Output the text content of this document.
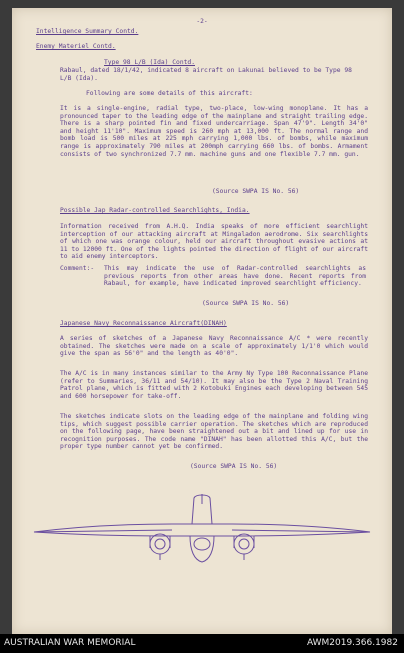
-2-
Intelligence Summary Contd.
Enemy Materiel Contd.
Type 98 L/B (Ida) Contd.
Rabaul, dated 18/1/42, indicated 8 aircraft on Lakunai believed to be Type 98 L/B (Ida).
Following are some details of this aircraft:
It is a single-engine, radial type, two-place, low-wing monoplane. It has a pronounced taper to the leading edge of the mainplane and straight trailing edge. There is a sharp pointed fin and fixed undercarriage. Span 47'9". Length 34'0" and height 11'10". Maximum speed is 260 mph at 13,000 ft. The normal range and bomb load is 500 miles at 225 mph carrying 1,000 lbs. of bombs, while maximum range is approximately 790 miles at 200mph carrying 660 lbs. of bombs. Armament consists of two synchronized 7.7 mm. machine guns and one flexible 7.7 mm. gun.
(Source SWPA IS No. 56)
Possible Jap Radar-controlled Searchlights, India.
Information received from A.H.Q. India speaks of more efficient searchlight interception of our attacking aircraft at Mingaladon aerodrome. Six searchlights of which one was orange colour, held our aircraft throughout evasive actions at 11 to 12000 ft. One of the lights pointed the direction of flight of our aircraft to aid enemy interceptors.
Comment:- This may indicate the use of Radar-controlled searchlights as previous reports from other areas have done. Recent reports from Rabaul, for example, have indicated improved searchlight efficiency.
(Source SWPA IS No. 56)
Japanese Navy Reconnaissance Aircraft(DINAH)
A series of sketches of a Japanese Navy Reconnaissance A/C * were recently obtained. The sketches were made on a scale of approximately 1/1'0 which would give the span as 56'0" and the length as 40'0".
The A/C is in many instances similar to the Army Ny Type 100 Reconnaissance Plane (refer to Summaries, 36/11 and 54/10). It may also be the Type 2 Naval Training Patrol plane, which is fitted with 2 Kotobuki Engines each developing between 545 and 600 horsepower for take-off.
The sketches indicate slots on the leading edge of the mainplane and folding wing tips, which suggest possible carrier operation. The sketches which are reproduced on the following page, have been straightened out a bit and lined up for use in recognition purposes. The code name "DINAH" has been allotted this A/C, but the proper type number cannot yet be confirmed.
(Source SWPA IS No. 56)
AUSTRALIAN WAR MEMORIAL	AWM2019.366.1982
